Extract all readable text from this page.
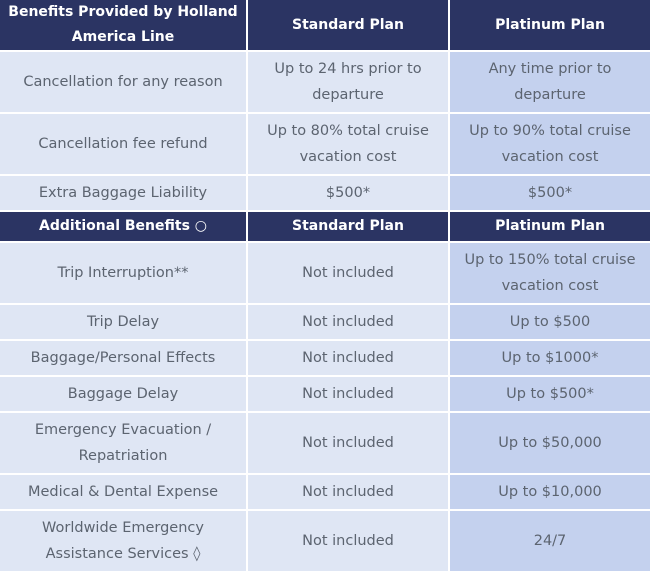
Benefits Provided by Holland America Line	Standard Plan	Platinum Plan
Cancellation for any reason	Up to 24 hrs prior to departure	Any time prior to departure
Cancellation fee refund	Up to 80% total cruise vacation cost	Up to 90% total cruise vacation cost
Extra Baggage Liability	$500*	$500*
Additional Benefits ○	Standard Plan	Platinum Plan
Trip Interruption**	Not included	Up to 150% total cruise vacation cost
Trip Delay	Not included	Up to $500
Baggage/Personal Effects	Not included	Up to $1000*
Baggage Delay	Not included	Up to $500*
Emergency Evacuation / Repatriation	Not included	Up to $50,000
Medical & Dental Expense	Not included	Up to $10,000
Worldwide Emergency Assistance Services ◊	Not included	24/7
